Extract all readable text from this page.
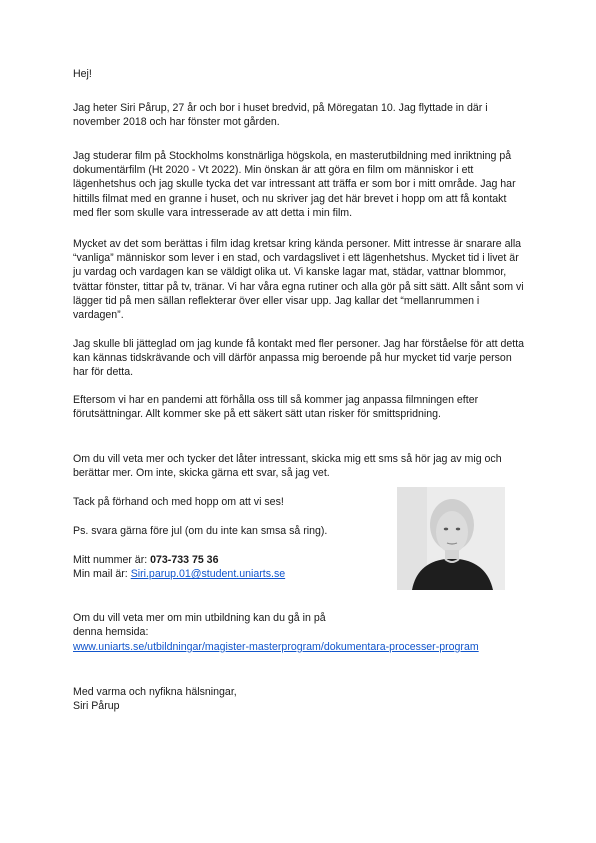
Hej!

Jag heter Siri Pårup, 27 år och bor i huset bredvid, på Möregatan 10. Jag flyttade in där i november 2018 och har fönster mot gården.

Jag studerar film på Stockholms konstnärliga högskola, en masterutbildning med inriktning på dokumentärfilm (Ht 2020 - Vt 2022). Min önskan är att göra en film om människor i ett lägenhetshus och jag skulle tycka det var intressant att träffa er som bor i mitt område. Jag har hittills filmat med en granne i huset, och nu skriver jag det här brevet i hopp om att få kontakt med fler som skulle vara intresserade av att detta i min film.

Mycket av det som berättas i film idag kretsar kring kända personer. Mitt intresse är snarare alla “vanliga” människor som lever i en stad, och vardagslivet i ett lägenhetshus. Mycket tid i livet är ju vardag och vardagen kan se väldigt olika ut. Vi kanske lagar mat, städar, vattnar blommor, tvättar fönster, tittar på tv, tränar. Vi har våra egna rutiner och alla gör på sitt sätt. Allt sånt som vi lägger tid på men sällan reflekterar över eller visar upp. Jag kallar det “mellanrummen i vardagen”.

Jag skulle bli jätteglad om jag kunde få kontakt med fler personer. Jag har förståelse för att detta kan kännas tidskrävande och vill därför anpassa mig beroende på hur mycket tid varje person har för detta.

Eftersom vi har en pandemi att förhålla oss till så kommer jag anpassa filmningen efter förutsättningar. Allt kommer ske på ett säkert sätt utan risker för smittspridning.

Om du vill veta mer och tycker det låter intressant, skicka mig ett sms så hör jag av mig och berättar mer. Om inte, skicka gärna ett svar, så jag vet.

Tack på förhand och med hopp om att vi ses!

Ps. svara gärna före jul (om du inte kan smsa så ring).

Mitt nummer är: 073-733 75 36

Min mail är: Siri.parup.01@student.uniarts.se

Om du vill veta mer om min utbildning kan du gå in på denna hemsida:

www.uniarts.se/utbildningar/magister-masterprogram/dokumentara-processer-program

Med varma och nyfikna hälsningar,

Siri Pårup
